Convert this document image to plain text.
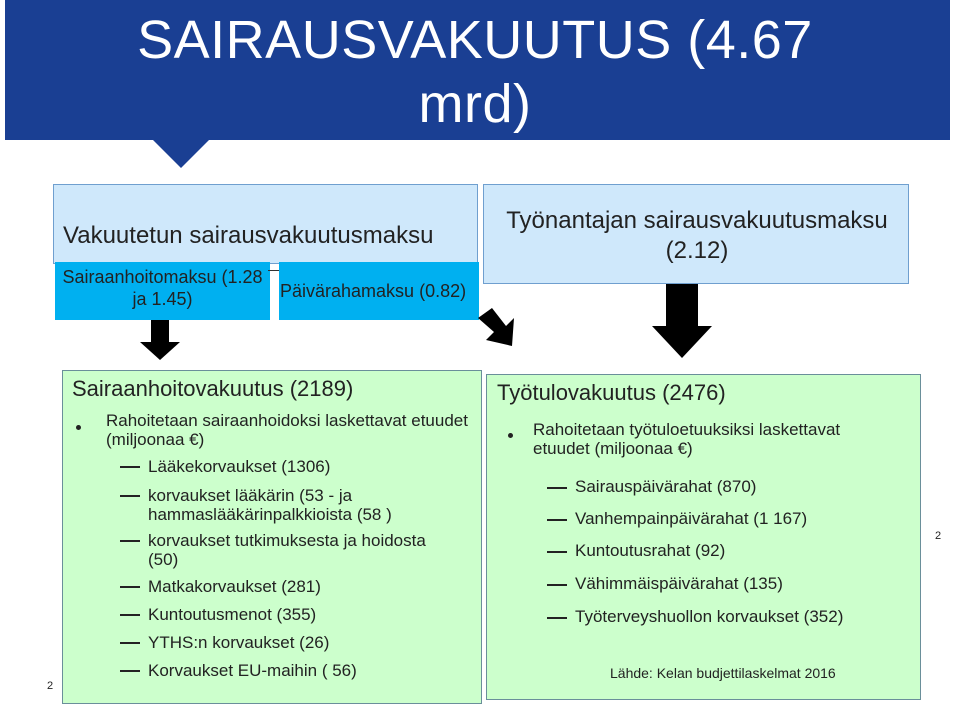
SAIRAUSVAKUUTUS (4.67 mrd)
Vakuutetun sairausvakuutusmaksu
Työnantajan sairausvakuutusmaksu (2.12)
Sairaanhoitomaksu (1.28 ja 1.45)	Päivärahamaksu (0.82)
Sairaanhoitovakuutus (2189)
Rahoitetaan sairaanhoidoksi laskettavat etuudet (miljoonaa €)
Lääkekorvaukset (1306)
korvaukset lääkärin (53 - ja hammaslääkärinpalkkioista (58 )
korvaukset tutkimuksesta ja hoidosta (50)
Matkakorvaukset (281)
Kuntoutusmenot (355)
YTHS:n korvaukset (26)
Korvaukset EU-maihin ( 56)
2
Työtulovakuutus (2476)
Rahoitetaan työtuloetuuksiksi laskettavat etuudet (miljoonaa €)
Sairauspäivärahat (870)
Vanhempainpäivärahat (1 167)
Kuntoutusrahat (92)
Vähimmäispäivärahat (135)
Työterveyshuollon korvaukset (352)
Lähde: Kelan budjettilaskelmat 2016
2
